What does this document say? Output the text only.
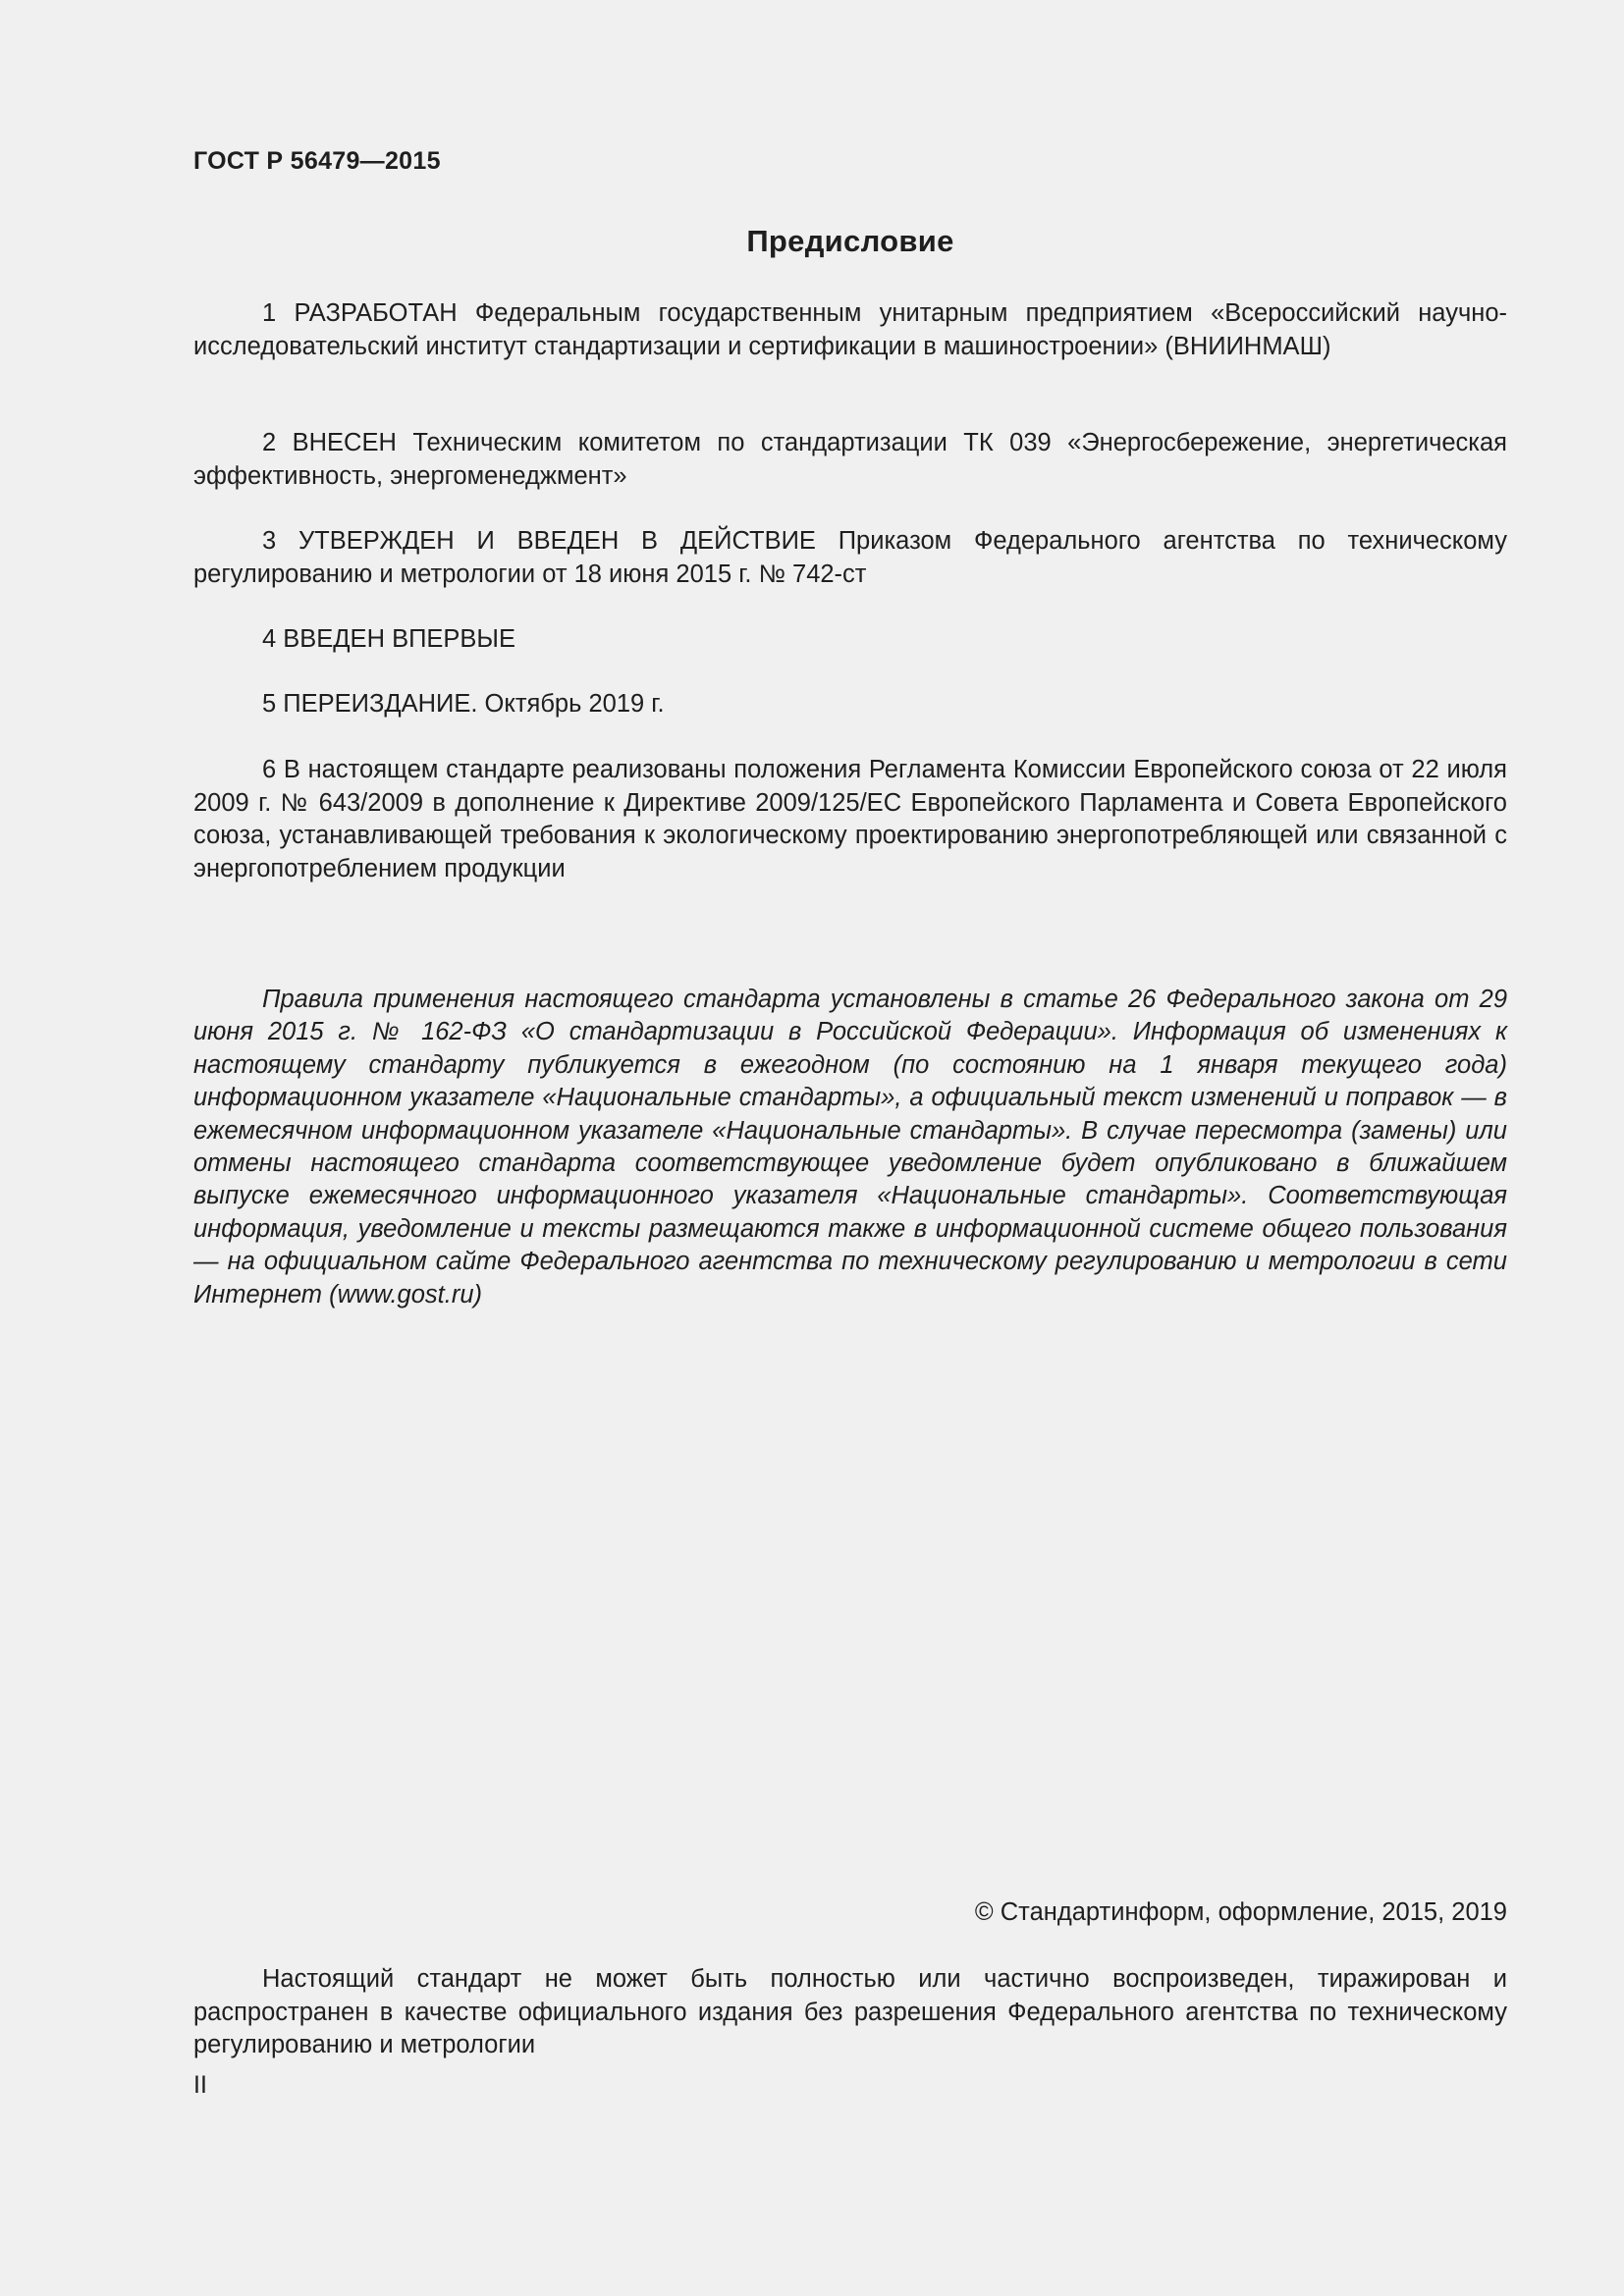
ГОСТ Р 56479—2015
Предисловие

1 РАЗРАБОТАН Федеральным государственным унитарным предприятием «Всероссийский научно-исследовательский институт стандартизации и сертификации в машиностроении» (ВНИИНМАШ)

2 ВНЕСЕН Техническим комитетом по стандартизации ТК 039 «Энергосбережение, энергетическая эффективность, энергоменеджмент»

3 УТВЕРЖДЕН И ВВЕДЕН В ДЕЙСТВИЕ Приказом Федерального агентства по техническому регулированию и метрологии от 18 июня 2015 г. № 742-ст

4 ВВЕДЕН ВПЕРВЫЕ

5 ПЕРЕИЗДАНИЕ. Октябрь 2019 г.

6 В настоящем стандарте реализованы положения Регламента Комиссии Европейского союза от 22 июля 2009 г. № 643/2009 в дополнение к Директиве 2009/125/ЕС Европейского Парламента и Совета Европейского союза, устанавливающей требования к экологическому проектированию энергопотребляющей или связанной с энергопотреблением продукции

Правила применения настоящего стандарта установлены в статье 26 Федерального закона от 29 июня 2015 г. № 162-ФЗ «О стандартизации в Российской Федерации». Информация об изменениях к настоящему стандарту публикуется в ежегодном (по состоянию на 1 января текущего года) информационном указателе «Национальные стандарты», а официальный текст изменений и поправок — в ежемесячном информационном указателе «Национальные стандарты». В случае пересмотра (замены) или отмены настоящего стандарта соответствующее уведомление будет опубликовано в ближайшем выпуске ежемесячного информационного указателя «Национальные стандарты». Соответствующая информация, уведомление и тексты размещаются также в информационной системе общего пользования — на официальном сайте Федерального агентства по техническому регулированию и метрологии в сети Интернет (www.gost.ru)

© Стандартинформ, оформление, 2015, 2019

Настоящий стандарт не может быть полностью или частично воспроизведен, тиражирован и распространен в качестве официального издания без разрешения Федерального агентства по техническому регулированию и метрологии

II
